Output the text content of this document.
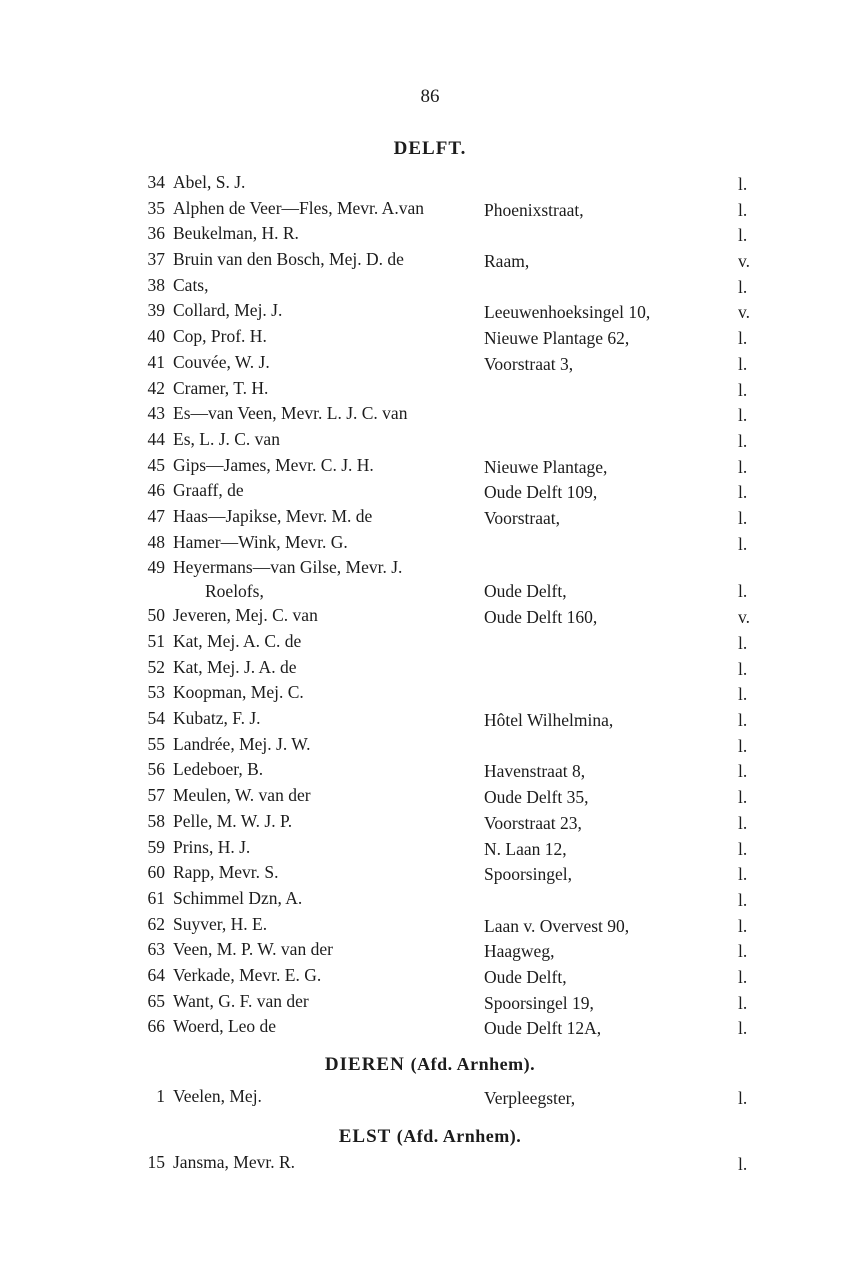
86
DELFT.
34 Abel, S. J.	l.
35 Alphen de Veer—Fles, Mevr. A.van	Phoenixstraat,	l.
36 Beukelman, H. R.	l.
37 Bruin van den Bosch, Mej. D. de	Raam,	v.
38 Cats,	l.
39 Collard, Mej. J.	Leeuwenhoeksingel 10,	v.
40 Cop, Prof. H.	Nieuwe Plantage 62,	l.
41 Couvée, W. J.	Voorstraat 3,	l.
42 Cramer, T. H.	l.
43 Es—van Veen, Mevr. L. J. C. van	l.
44 Es, L. J. C. van	l.
45 Gips—James, Mevr. C. J. H.	Nieuwe Plantage,	l.
46 Graaff, de	Oude Delft 109,	l.
47 Haas—Japikse, Mevr. M. de	Voorstraat,	l.
48 Hamer—Wink, Mevr. G.	l.
49 Heyermans—van Gilse, Mevr. J.
Roelofs,	Oude Delft,	l.
50 Jeveren, Mej. C. van	Oude Delft 160,	v.
51 Kat, Mej. A. C. de	l.
52 Kat, Mej. J. A. de	l.
53 Koopman, Mej. C.	l.
54 Kubatz, F. J.	Hôtel Wilhelmina,	l.
55 Landrée, Mej. J. W.	l.
56 Ledeboer, B.	Havenstraat 8,	l.
57 Meulen, W. van der	Oude Delft 35,	l.
58 Pelle, M. W. J. P.	Voorstraat 23,	l.
59 Prins, H. J.	N. Laan 12,	l.
60 Rapp, Mevr. S.	Spoorsingel,	l.
61 Schimmel Dzn, A.	l.
62 Suyver, H. E.	Laan v. Overvest 90,	l.
63 Veen, M. P. W. van der	Haagweg,	l.
64 Verkade, Mevr. E. G.	Oude Delft,	l.
65 Want, G. F. van der	Spoorsingel 19,	l.
66 Woerd, Leo de	Oude Delft 12A,	l.
DIEREN (Afd. Arnhem).
1 Veelen, Mej.	Verpleegster,	l.
ELST (Afd. Arnhem).
15 Jansma, Mevr. R.	l.
